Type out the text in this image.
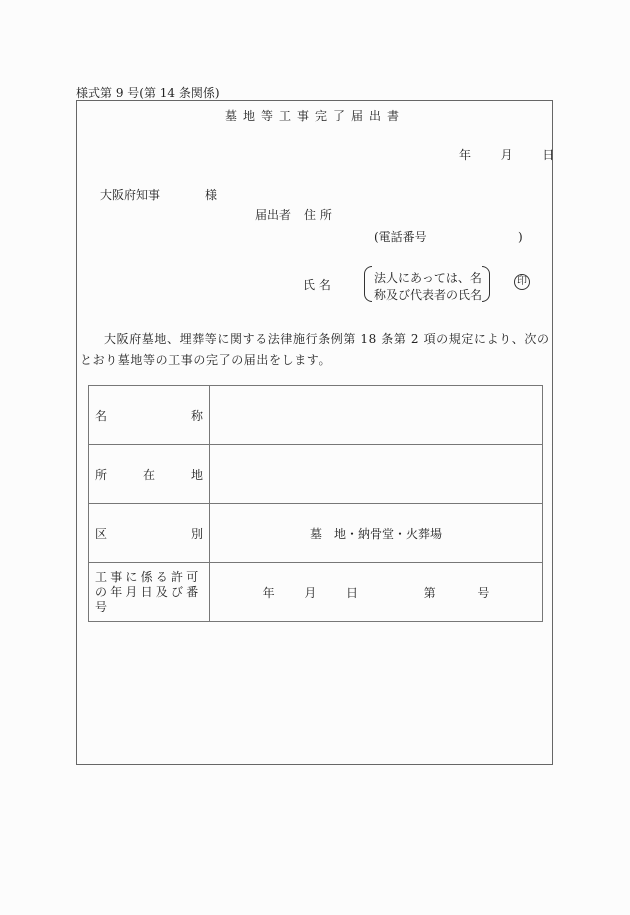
様式第 9 号(第 14 条関係)
墓地等工事完了届出書
年 月 日
大阪府知事	様
届出者 住 所
(電話番号	)
氏 名	法人にあっては、名
称及び代表者の氏名
印
大阪府墓地、埋葬等に関する法律施行条例第 18 条第 2 項の規定により、次のとおり墓地等の工事の完了の届出をします。
名 称	

所 在 地	

区 別	墓　地・納骨堂・火葬場

工事に係る許可の年月日及び番号	年 月 日 第 号
